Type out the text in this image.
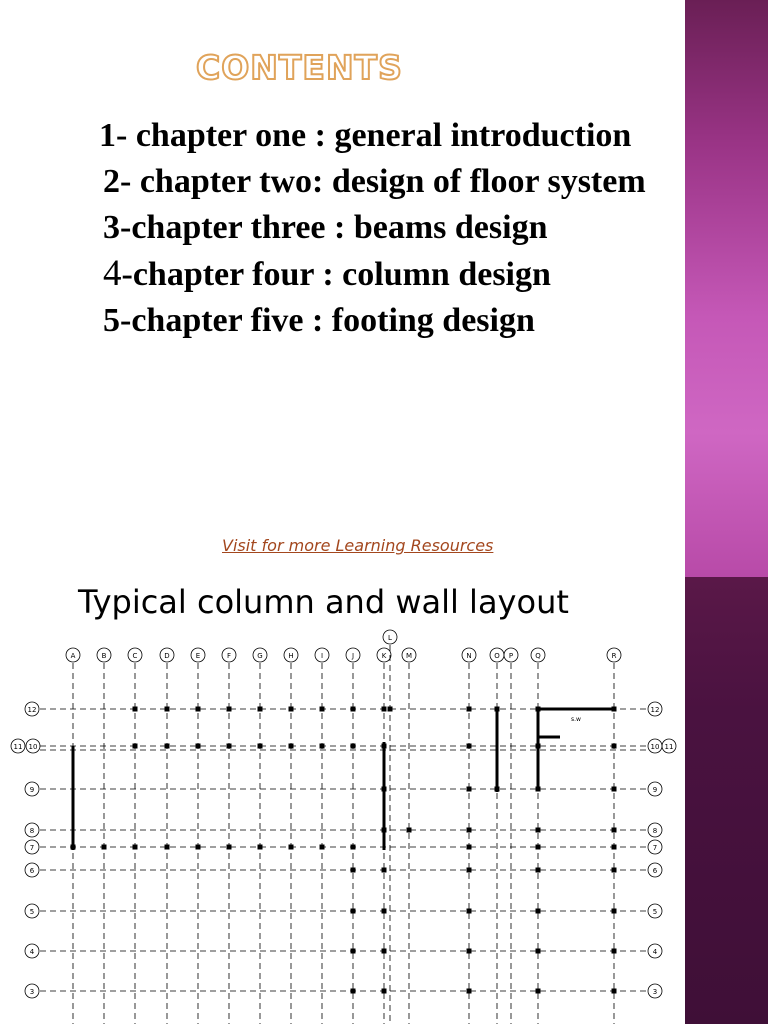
CONTENTS
1- chapter one : general introduction
2- chapter two: design of floor system
3-chapter three : beams design
4-chapter four : column design
5-chapter five : footing design
Visit for more Learning Resources
Typical column and wall layout
A	B	C	D	E	F	G	H	I	J	K
L
M	N	O P	Q	R
12	12
11	11
10	10
9	9
8	8
7	7
6	6
5	5
4	4
3	3
s.w
